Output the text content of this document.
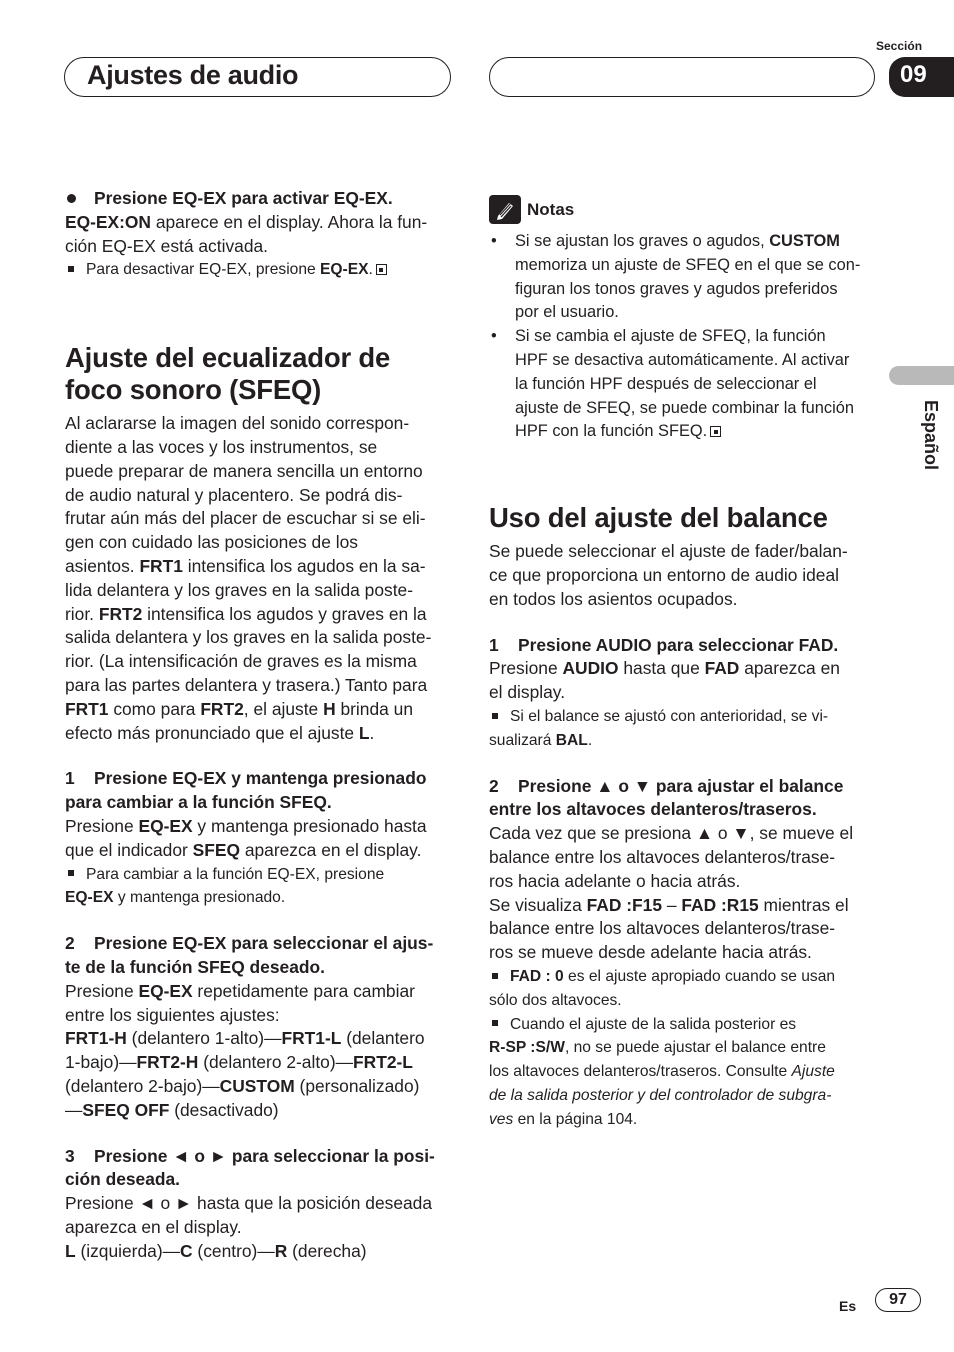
Ajustes de audio
Sección
09
Español

Presione EQ-EX para activar EQ-EX.

EQ-EX:ON aparece en el display. Ahora la fun-
ción EQ-EX está activada.

Para desactivar EQ-EX, presione EQ-EX.

Ajuste del ecualizador de
foco sonoro (SFEQ)

Al aclararse la imagen del sonido correspon-
diente a las voces y los instrumentos, se
puede preparar de manera sencilla un entorno
de audio natural y placentero. Se podrá dis-
frutar aún más del placer de escuchar si se eli-
gen con cuidado las posiciones de los
asientos. FRT1 intensifica los agudos en la sa-
lida delantera y los graves en la salida poste-
rior. FRT2 intensifica los agudos y graves en la
salida delantera y los graves en la salida poste-
rior. (La intensificación de graves es la misma
para las partes delantera y trasera.) Tanto para
FRT1 como para FRT2, el ajuste H brinda un
efecto más pronunciado que el ajuste L.

1    Presione EQ-EX y mantenga presionado
para cambiar a la función SFEQ.

Presione EQ-EX y mantenga presionado hasta
que el indicador SFEQ aparezca en el display.

Para cambiar a la función EQ-EX, presione
EQ-EX y mantenga presionado.

2    Presione EQ-EX para seleccionar el ajus-
te de la función SFEQ deseado.

Presione EQ-EX repetidamente para cambiar
entre los siguientes ajustes:
FRT1-H (delantero 1-alto)—FRT1-L (delantero
1-bajo)—FRT2-H (delantero 2-alto)—FRT2-L
(delantero 2-bajo)—CUSTOM (personalizado)
—SFEQ OFF (desactivado)

3    Presione ◄ o ► para seleccionar la posi-
ción deseada.

Presione ◄ o ► hasta que la posición deseada
aparezca en el display.
L (izquierda)—C (centro)—R (derecha)

Notas

• Si se ajustan los graves o agudos, CUSTOM
memoriza un ajuste de SFEQ en el que se con-
figuran los tonos graves y agudos preferidos
por el usuario.

• Si se cambia el ajuste de SFEQ, la función
HPF se desactiva automáticamente. Al activar
la función HPF después de seleccionar el
ajuste de SFEQ, se puede combinar la función
HPF con la función SFEQ.

Uso del ajuste del balance

Se puede seleccionar el ajuste de fader/balan-
ce que proporciona un entorno de audio ideal
en todos los asientos ocupados.

1    Presione AUDIO para seleccionar FAD.

Presione AUDIO hasta que FAD aparezca en
el display.

Si el balance se ajustó con anterioridad, se vi-
sualizará BAL.

2    Presione ▲ o ▼ para ajustar el balance
entre los altavoces delanteros/traseros.

Cada vez que se presiona ▲ o ▼, se mueve el
balance entre los altavoces delanteros/trase-
ros hacia adelante o hacia atrás.
Se visualiza FAD :F15 – FAD :R15 mientras el
balance entre los altavoces delanteros/trase-
ros se mueve desde adelante hacia atrás.

FAD : 0 es el ajuste apropiado cuando se usan
sólo dos altavoces.

Cuando el ajuste de la salida posterior es
R-SP :S/W, no se puede ajustar el balance entre
los altavoces delanteros/traseros. Consulte Ajuste
de la salida posterior y del controlador de subgra-
ves en la página 104.

Es	97
